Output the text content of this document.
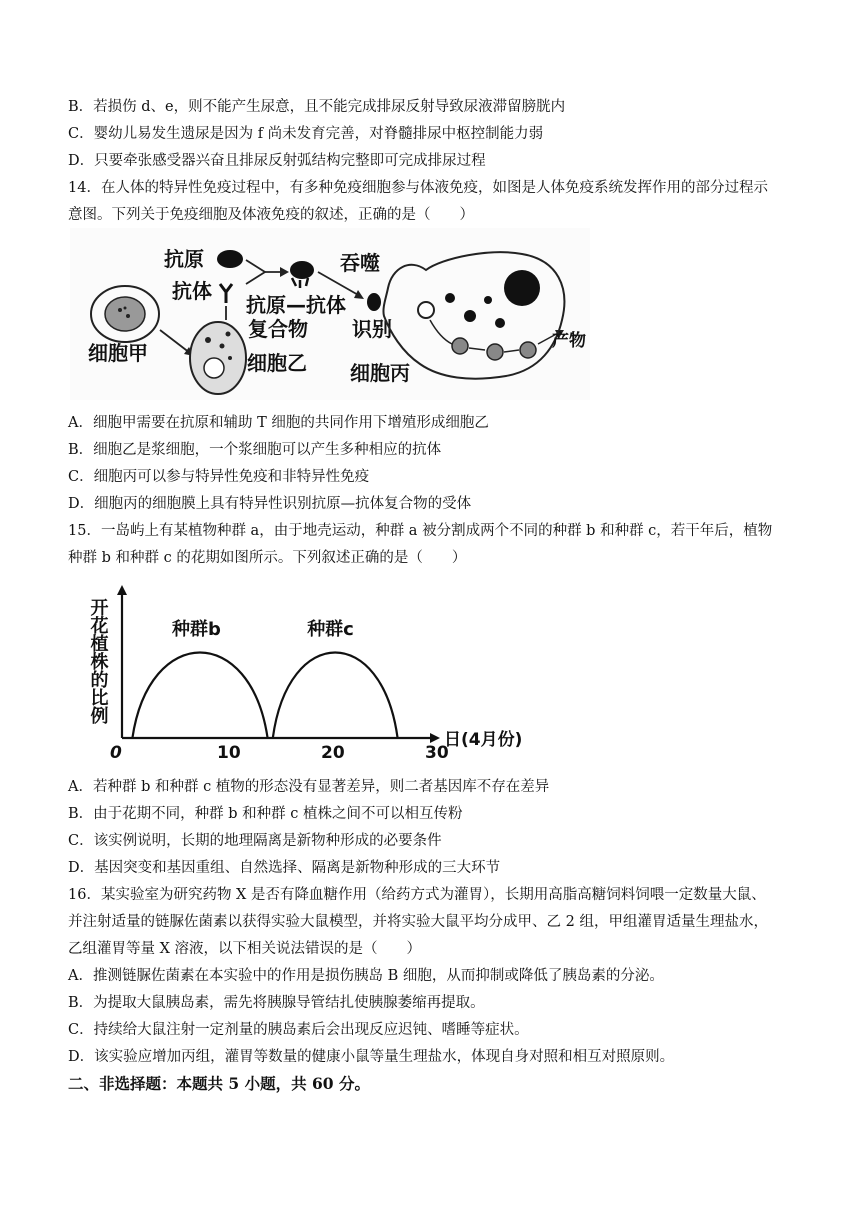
B．若损伤 d、e，则不能产生尿意，且不能完成排尿反射导致尿液滞留膀胱内
C．婴幼儿易发生遗尿是因为 f 尚未发育完善，对脊髓排尿中枢控制能力弱
D．只要牵张感受器兴奋且排尿反射弧结构完整即可完成排尿过程
14．在人体的特异性免疫过程中，有多种免疫细胞参与体液免疫，如图是人体免疫系统发挥作用的部分过程示
意图。下列关于免疫细胞及体液免疫的叙述，正确的是（　　）
细胞甲
抗原
抗体
细胞乙
抗原—抗体
复合物
吞噬
识别	产物
细胞丙
A．细胞甲需要在抗原和辅助 T 细胞的共同作用下增殖形成细胞乙
B．细胞乙是浆细胞，一个浆细胞可以产生多种相应的抗体
C．细胞丙可以参与特异性免疫和非特异性免疫
D．细胞丙的细胞膜上具有特异性识别抗原—抗体复合物的受体
15．一岛屿上有某植物种群 a，由于地壳运动，种群 a 被分割成两个不同的种群 b 和种群 c，若干年后，植物
种群 b 和种群 c 的花期如图所示。下列叙述正确的是（　　）
开花植株的比例
0	10	20	30
日(4月份)
种群b	种群c
A．若种群 b 和种群 c 植物的形态没有显著差异，则二者基因库不存在差异
B．由于花期不同，种群 b 和种群 c 植株之间不可以相互传粉
C．该实例说明，长期的地理隔离是新物种形成的必要条件
D．基因突变和基因重组、自然选择、隔离是新物种形成的三大环节
16．某实验室为研究药物 X 是否有降血糖作用（给药方式为灌胃），长期用高脂高糖饲料饲喂一定数量大鼠、
并注射适量的链脲佐菌素以获得实验大鼠模型，并将实验大鼠平均分成甲、乙 2 组，甲组灌胃适量生理盐水，
乙组灌胃等量 X 溶液，以下相关说法错误的是（　　）
A．推测链脲佐菌素在本实验中的作用是损伤胰岛 B 细胞，从而抑制或降低了胰岛素的分泌。
B．为提取大鼠胰岛素，需先将胰腺导管结扎使胰腺萎缩再提取。
C．持续给大鼠注射一定剂量的胰岛素后会出现反应迟钝、嗜睡等症状。
D．该实验应增加丙组，灌胃等数量的健康小鼠等量生理盐水，体现自身对照和相互对照原则。
二、非选择题：本题共 5 小题，共 60 分。
